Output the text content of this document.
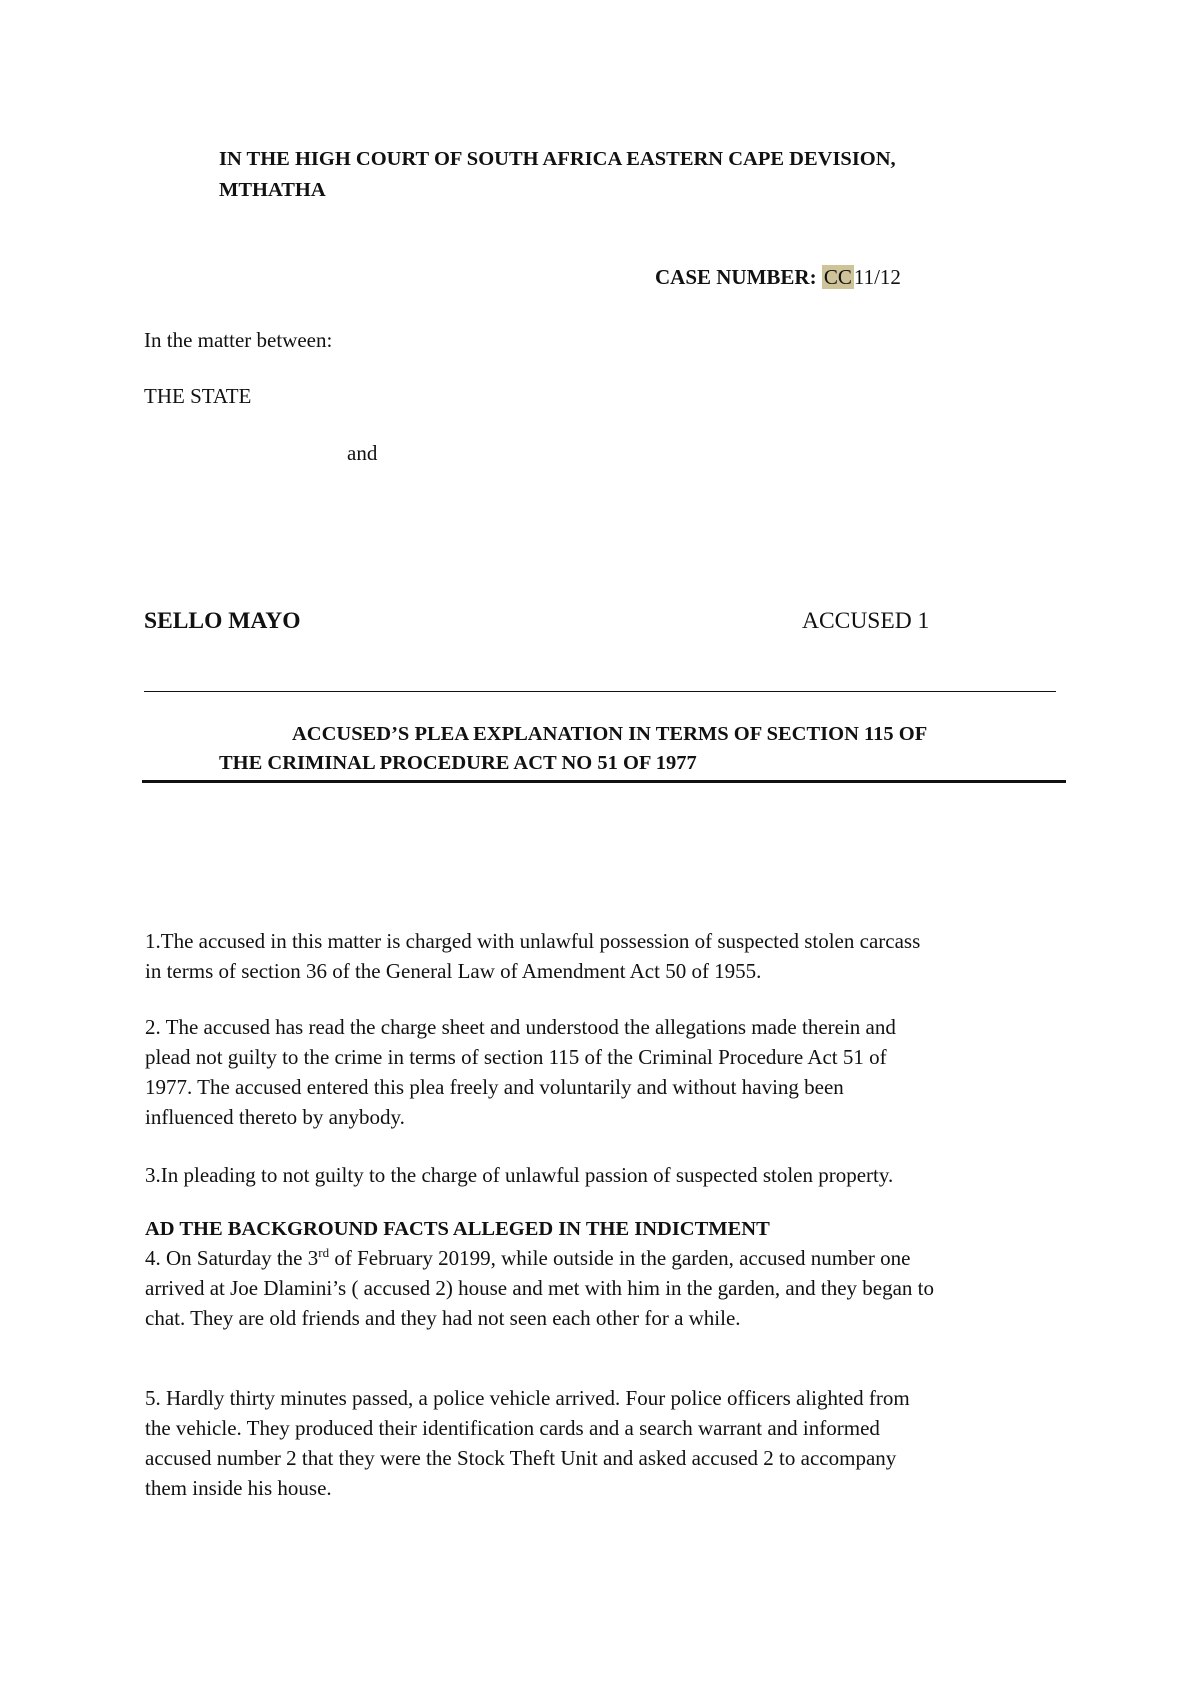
IN THE HIGH COURT OF SOUTH AFRICA EASTERN CAPE DEVISION,
MTHATHA
CASE NUMBER: CC11/12
In the matter between:
THE STATE
and
SELLO MAYO	ACCUSED 1
ACCUSED’S PLEA EXPLANATION IN TERMS OF SECTION 115 OF
THE CRIMINAL PROCEDURE ACT NO 51 OF 1977
1.The accused in this matter is charged with unlawful possession of suspected stolen carcass
in terms of section 36 of the General Law of Amendment Act 50 of 1955.
2. The accused has read the charge sheet and understood the allegations made therein and
plead not guilty to the crime in terms of section 115 of the Criminal Procedure Act 51 of
1977. The accused entered this plea freely and voluntarily and without having been
influenced thereto by anybody.
3.In pleading to not guilty to the charge of unlawful passion of suspected stolen property.
AD THE BACKGROUND FACTS ALLEGED IN THE INDICTMENT
4. On Saturday the 3rd of February 20199, while outside in the garden, accused number one
arrived at Joe Dlamini’s ( accused 2) house and met with him in the garden, and they began to
chat. They are old friends and they had not seen each other for a while.
5. Hardly thirty minutes passed, a police vehicle arrived. Four police officers alighted from
the vehicle. They produced their identification cards and a search warrant and informed
accused number 2 that they were the Stock Theft Unit and asked accused 2 to accompany
them inside his house.
